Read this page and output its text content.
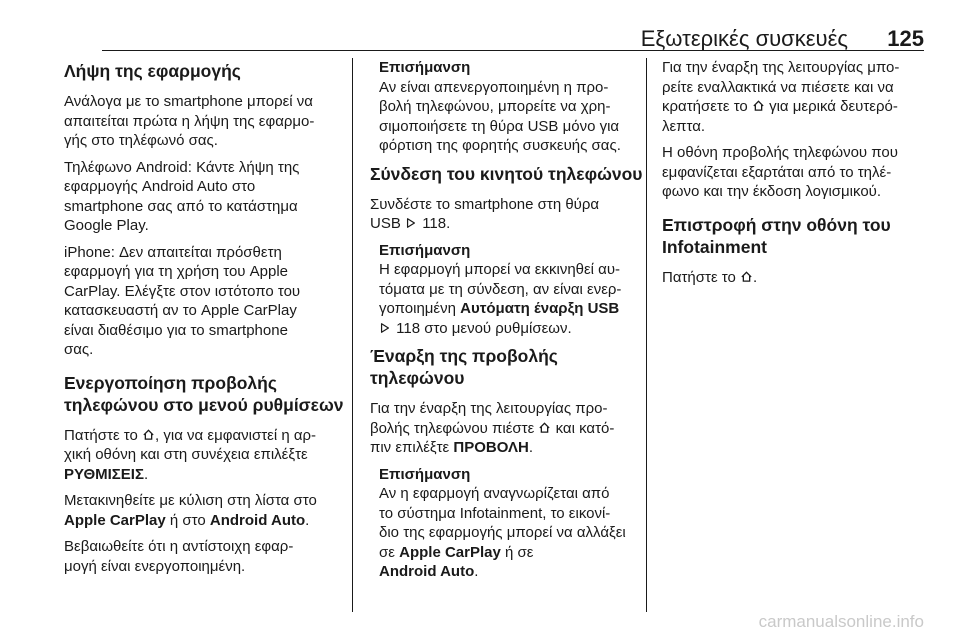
Εξωτερικές συσκευές 125
Λήψη της εφαρμογής
Ανάλογα με το smartphone μπορεί να
απαιτείται πρώτα η λήψη της εφαρμο-
γής στο τηλέφωνό σας.
Τηλέφωνο Android: Κάντε λήψη της
εφαρμογής Android Auto στο
smartphone σας από το κατάστημα
Google Play.
iPhone: Δεν απαιτείται πρόσθετη
εφαρμογή για τη χρήση του Apple
CarPlay. Ελέγξτε στον ιστότοπο του
κατασκευαστή αν το Apple CarPlay
είναι διαθέσιμο για το smartphone
σας.
Ενεργοποίηση προβολής
τηλεφώνου στο μενού ρυθμίσεων
Πατήστε το , για να εμφανιστεί η αρ-
χική οθόνη και στη συνέχεια επιλέξτε
ΡΥΘΜΙΣΕΙΣ.
Μετακινηθείτε με κύλιση στη λίστα στο
Apple CarPlay ή στο Android Auto.
Βεβαιωθείτε ότι η αντίστοιχη εφαρ-
μογή είναι ενεργοποιημένη.
Επισήμανση
Αν είναι απενεργοποιημένη η προ-
βολή τηλεφώνου, μπορείτε να χρη-
σιμοποιήσετε τη θύρα USB μόνο για
φόρτιση της φορητής συσκευής σας.
Σύνδεση του κινητού τηλεφώνου
Συνδέστε το smartphone στη θύρα
USB  118.
Επισήμανση
Η εφαρμογή μπορεί να εκκινηθεί αυ-
τόματα με τη σύνδεση, αν είναι ενερ-
γοποιημένη Αυτόματη έναρξη USB
118 στο μενού ρυθμίσεων.
Έναρξη της προβολής τηλεφώνου
Για την έναρξη της λειτουργίας προ-
βολής τηλεφώνου πιέστε  και κατό-
πιν επιλέξτε ΠΡΟΒΟΛΗ.
Επισήμανση
Αν η εφαρμογή αναγνωρίζεται από
το σύστημα Infotainment, το εικονί-
διο της εφαρμογής μπορεί να αλλάξει
σε Apple CarPlay ή σε
Android Auto.
Για την έναρξη της λειτουργίας μπο-
ρείτε εναλλακτικά να πιέσετε και να
κρατήσετε το  για μερικά δευτερό-
λεπτα.
Η οθόνη προβολής τηλεφώνου που
εμφανίζεται εξαρτάται από το τηλέ-
φωνο και την έκδοση λογισμικού.
Επιστροφή στην οθόνη του
Infotainment
Πατήστε το .
carmanualsonline.info
